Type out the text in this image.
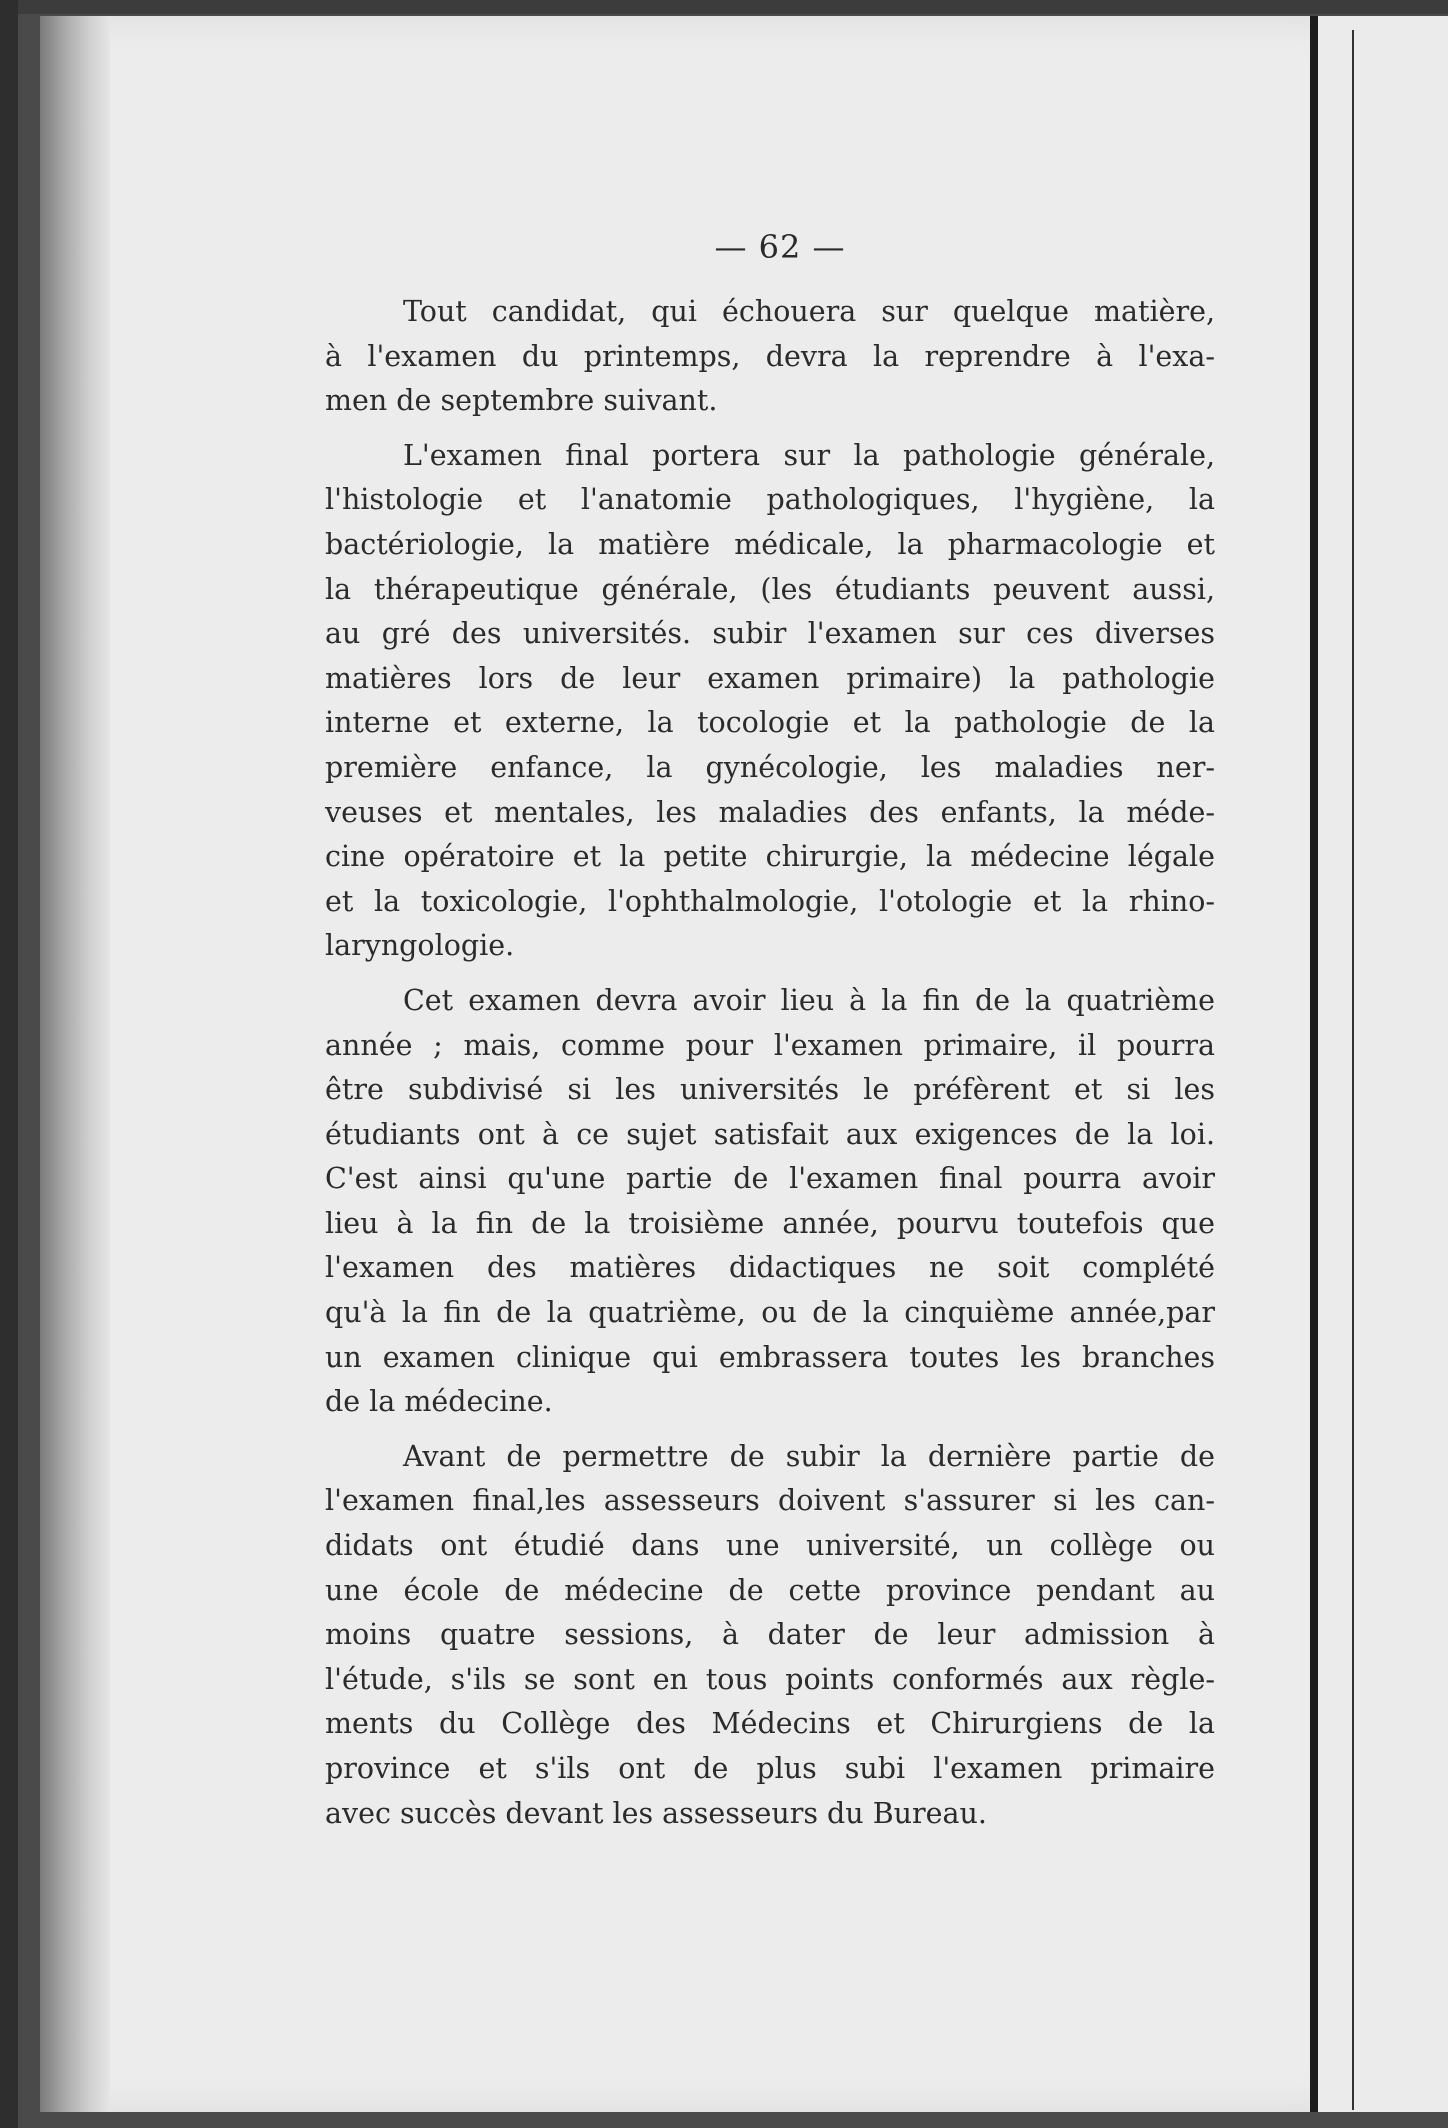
— 62 —
Tout candidat, qui échouera sur quelque matière,
à l'examen du printemps, devra la reprendre à l'exa-
men de septembre suivant.
L'examen final portera sur la pathologie générale,
l'histologie et l'anatomie pathologiques, l'hygiène, la
bactériologie, la matière médicale, la pharmacologie et
la thérapeutique générale, (les étudiants peuvent aussi,
au gré des universités. subir l'examen sur ces diverses
matières lors de leur examen primaire) la pathologie
interne et externe, la tocologie et la pathologie de la
première enfance, la gynécologie, les maladies ner-
veuses et mentales, les maladies des enfants, la méde-
cine opératoire et la petite chirurgie, la médecine légale
et la toxicologie, l'ophthalmologie, l'otologie et la rhino-
laryngologie.
Cet examen devra avoir lieu à la fin de la quatrième
année ; mais, comme pour l'examen primaire, il pourra
être subdivisé si les universités le préfèrent et si les
étudiants ont à ce sujet satisfait aux exigences de la loi.
C'est ainsi qu'une partie de l'examen final pourra avoir
lieu à la fin de la troisième année, pourvu toutefois que
l'examen des matières didactiques ne soit complété
qu'à la fin de la quatrième, ou de la cinquième année,par
un examen clinique qui embrassera toutes les branches
de la médecine.
Avant de permettre de subir la dernière partie de
l'examen final,les assesseurs doivent s'assurer si les can-
didats ont étudié dans une université, un collège ou
une école de médecine de cette province pendant au
moins quatre sessions, à dater de leur admission à
l'étude, s'ils se sont en tous points conformés aux règle-
ments du Collège des Médecins et Chirurgiens de la
province et s'ils ont de plus subi l'examen primaire
avec succès devant les assesseurs du Bureau.
